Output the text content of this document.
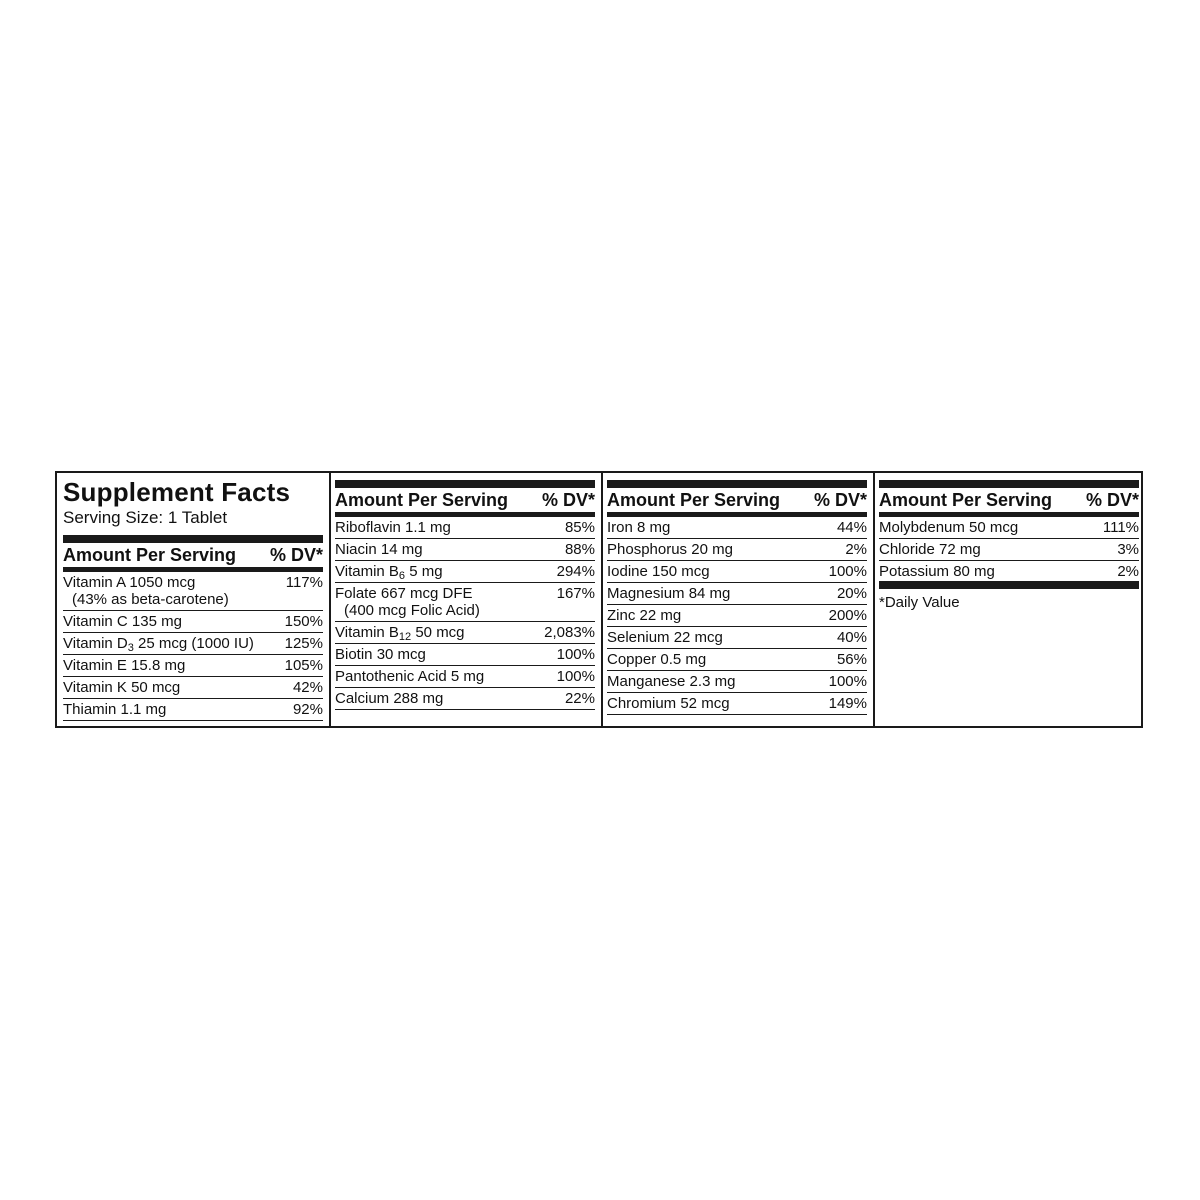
Supplement Facts
Serving Size: 1 Tablet
Amount Per Serving % DV*
Vitamin A 1050 mcg
(43% as beta-carotene)
117%
Vitamin C 135 mg	150%
Vitamin $D_3$ 25 mcg (1000 IU) 125%
Vitamin E 15.8 mg	105%
Vitamin K 50 mcg	42%
Thiamin 1.1 mg	92%
Amount Per Serving % DV*
Riboflavin 1.1 mg	85%
Niacin 14 mg	88%
Vitamin $B_6$ 5 mg	294%
Folate 667 mcg DFE
(400 mcg Folic Acid)
167%
Vitamin $B_{12}$ 50 mcg	2,083%
Biotin 30 mcg	100%
Pantothenic Acid 5 mg	100%
Calcium 288 mg	22%
Amount Per Serving % DV*
Iron 8 mg	44%
Phosphorus 20 mg	2%
Iodine 150 mcg	100%
Magnesium 84 mg	20%
Zinc 22 mg	200%
Selenium 22 mcg	40%
Copper 0.5 mg	56%
Manganese 2.3 mg	100%
Chromium 52 mcg	149%
Amount Per Serving % DV*
Molybdenum 50 mcg	111%
Chloride 72 mg	3%
Potassium 80 mg	2%
*Daily Value
